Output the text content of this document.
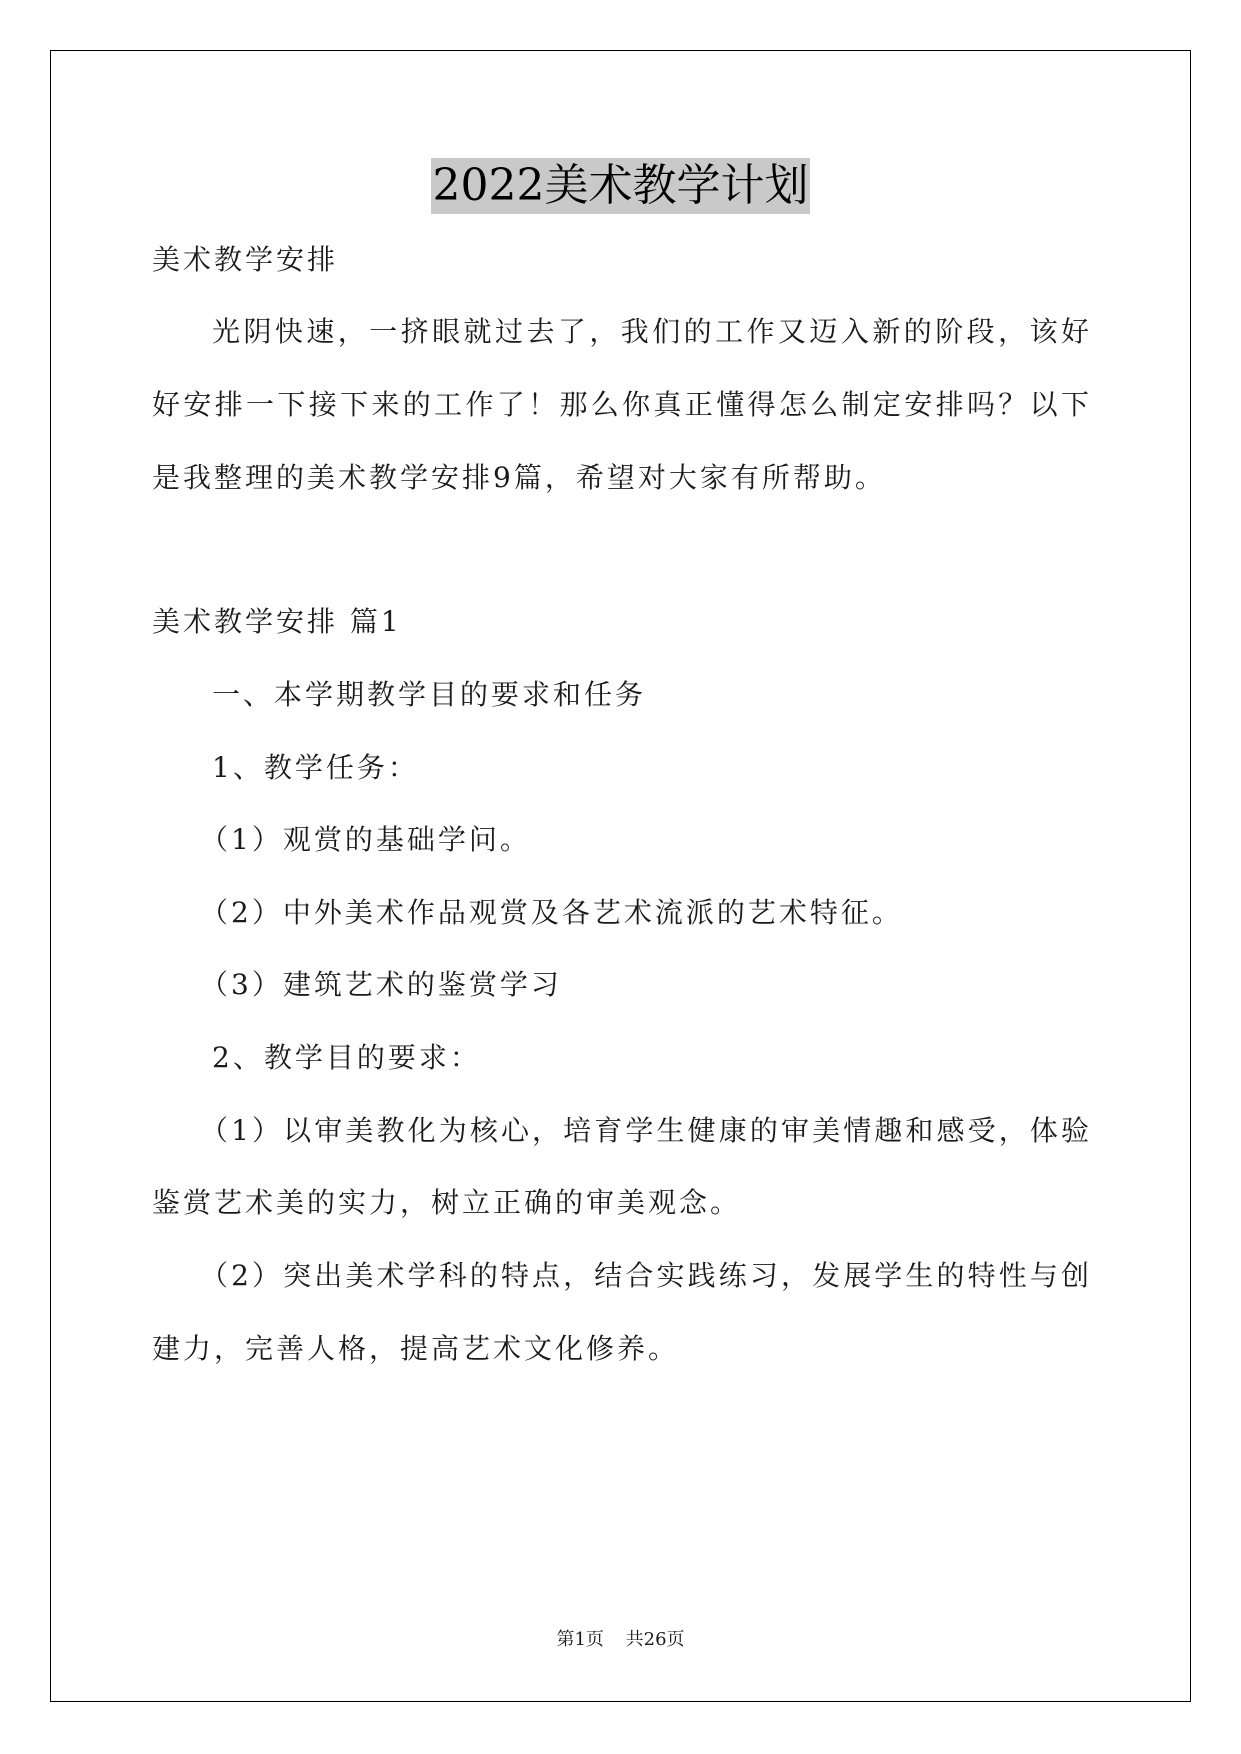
2022美术教学计划
美术教学安排
光阴快速，一挤眼就过去了，我们的工作又迈入新的阶段，该好
好安排一下接下来的工作了！那么你真正懂得怎么制定安排吗？以下
是我整理的美术教学安排9篇，希望对大家有所帮助。
美术教学安排 篇1
一、本学期教学目的要求和任务
1、教学任务：
（1）观赏的基础学问。
（2）中外美术作品观赏及各艺术流派的艺术特征。
（3）建筑艺术的鉴赏学习
2、教学目的要求：
（1）以审美教化为核心，培育学生健康的审美情趣和感受，体验
鉴赏艺术美的实力，树立正确的审美观念。
（2）突出美术学科的特点，结合实践练习，发展学生的特性与创
建力，完善人格，提高艺术文化修养。
第1页 共26页
